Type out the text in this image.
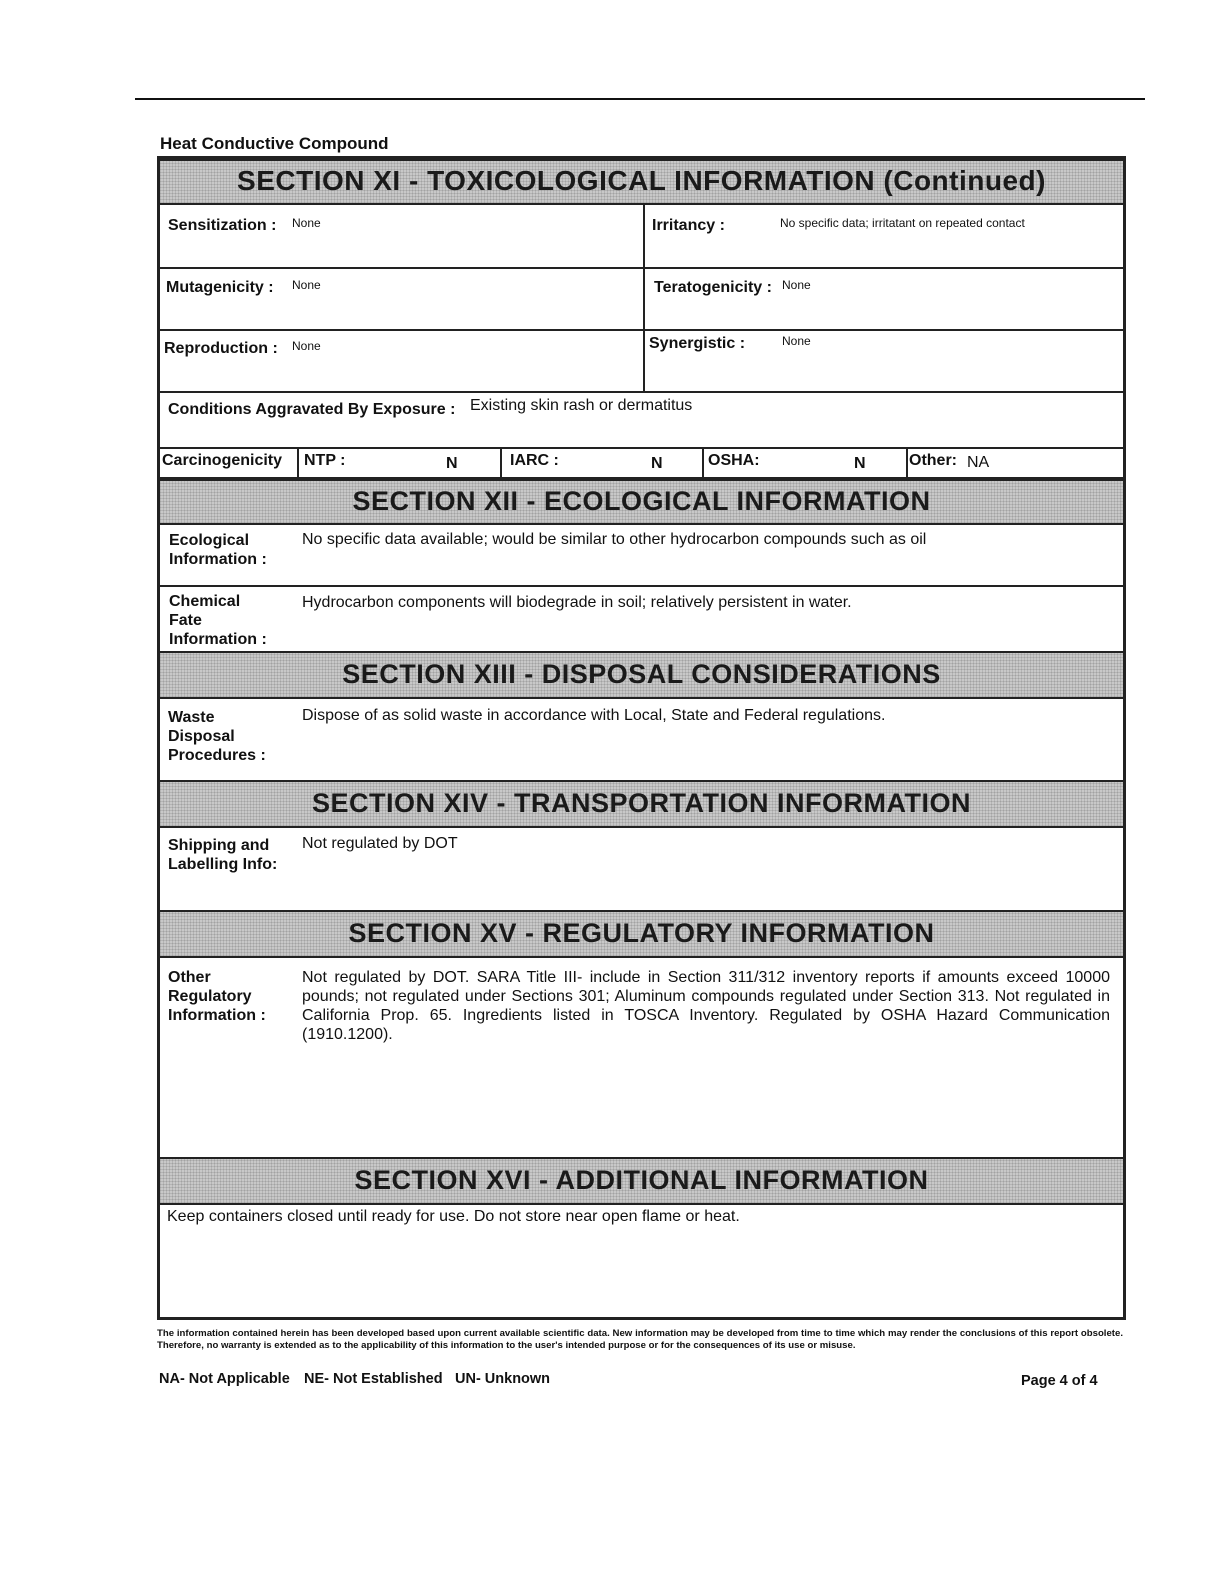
Heat Conductive Compound
SECTION XI - TOXICOLOGICAL INFORMATION (Continued)
Sensitization : None	Irritancy :	No specific data; irritatant on repeated contact
Mutagenicity : None	Teratogenicity : None
Reproduction : None	Synergistic :	None
Conditions Aggravated By Exposure : Existing skin rash or dermatitus
Carcinogenicity NTP :	N	IARC :	N	OSHA:	N	Other: NA
SECTION XII - ECOLOGICAL INFORMATION
Ecological
Information :
No specific data available; would be similar to other hydrocarbon compounds such as oil
Chemical
Fate
Information :
Hydrocarbon components will biodegrade in soil; relatively persistent in water.
SECTION XIII - DISPOSAL CONSIDERATIONS
Waste
Disposal
Procedures :
Dispose of as solid waste in accordance with Local, State and Federal regulations.
SECTION XIV - TRANSPORTATION INFORMATION
Shipping and
Labelling Info:
Not regulated by DOT
SECTION XV - REGULATORY INFORMATION
Other
Regulatory
Information :
Not regulated by DOT. SARA Title III- include in Section 311/312 inventory reports if amounts exceed 10000 pounds; not regulated under Sections 301; Aluminum compounds regulated under Section 313. Not regulated in California Prop. 65. Ingredients listed in TOSCA Inventory. Regulated by OSHA Hazard Communication (1910.1200).
SECTION XVI - ADDITIONAL INFORMATION
Keep containers closed until ready for use. Do not store near open flame or heat.
The information contained herein has been developed based upon current available scientific data. New information may be developed from time to time which may render the conclusions of this report obsolete. Therefore, no warranty is extended as to the applicability of this information to the user's intended purpose or for the consequences of its use or misuse.
NA- Not Applicable NE- Not Established UN- Unknown	Page 4 of 4
